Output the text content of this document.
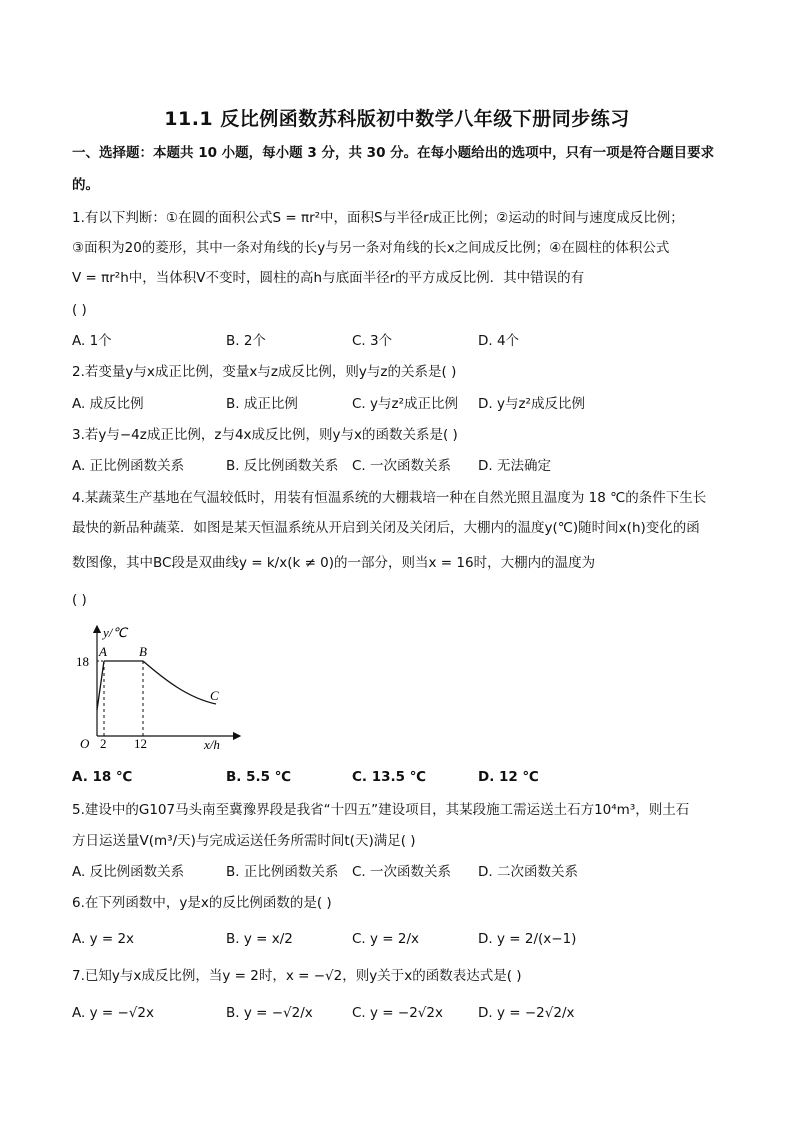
11.1 反比例函数苏科版初中数学八年级下册同步练习
一、选择题：本题共 10 小题，每小题 3 分，共 30 分。在每小题给出的选项中，只有一项是符合题目要求
的。
1.有以下判断：①在圆的面积公式S = πr²中，面积S与半径r成正比例；②运动的时间与速度成反比例；
③面积为20的菱形，其中一条对角线的长y与另一条对角线的长x之间成反比例；④在圆柱的体积公式
V = πr²h中，当体积V不变时，圆柱的高h与底面半径r的平方成反比例．其中错误的有
( )
A. 1个	B. 2个	C. 3个	D. 4个
2.若变量y与x成正比例，变量x与z成反比例，则y与z的关系是( )
A. 成反比例	B. 成正比例	C. y与z²成正比例 D. y与z²成反比例
3.若y与−4z成正比例，z与4x成反比例，则y与x的函数关系是( )
A. 正比例函数关系	B. 反比例函数关系 C. 一次函数关系 D. 无法确定
4.某蔬菜生产基地在气温较低时，用装有恒温系统的大棚栽培一种在自然光照且温度为 18 ℃的条件下生长
最快的新品种蔬菜．如图是某天恒温系统从开启到关闭及关闭后，大棚内的温度y(℃)随时间x(h)变化的函
数图像，其中BC段是双曲线y = k/x(k ≠ 0)的一部分，则当x = 16时，大棚内的温度为
( )
y/℃
x/h
O
18
2 12
A B
C
A. 18 ℃	B. 5.5 ℃	C. 13.5 ℃	D. 12 ℃
5.建设中的G107马头南至冀豫界段是我省“十四五”建设项目，其某段施工需运送土石方10⁴m³，则土石
方日运送量V(m³/天)与完成运送任务所需时间t(天)满足( )
A. 反比例函数关系	B. 正比例函数关系 C. 一次函数关系 D. 二次函数关系
6.在下列函数中，y是x的反比例函数的是( )
A. y = 2x	B. y = x/2	C. y = 2/x	D. y = 2/(x−1)
7.已知y与x成反比例，当y = 2时，x = −√2，则y关于x的函数表达式是( )
A. y = −√2x	B. y = −√2/x	C. y = −2√2x	D. y = −2√2/x
